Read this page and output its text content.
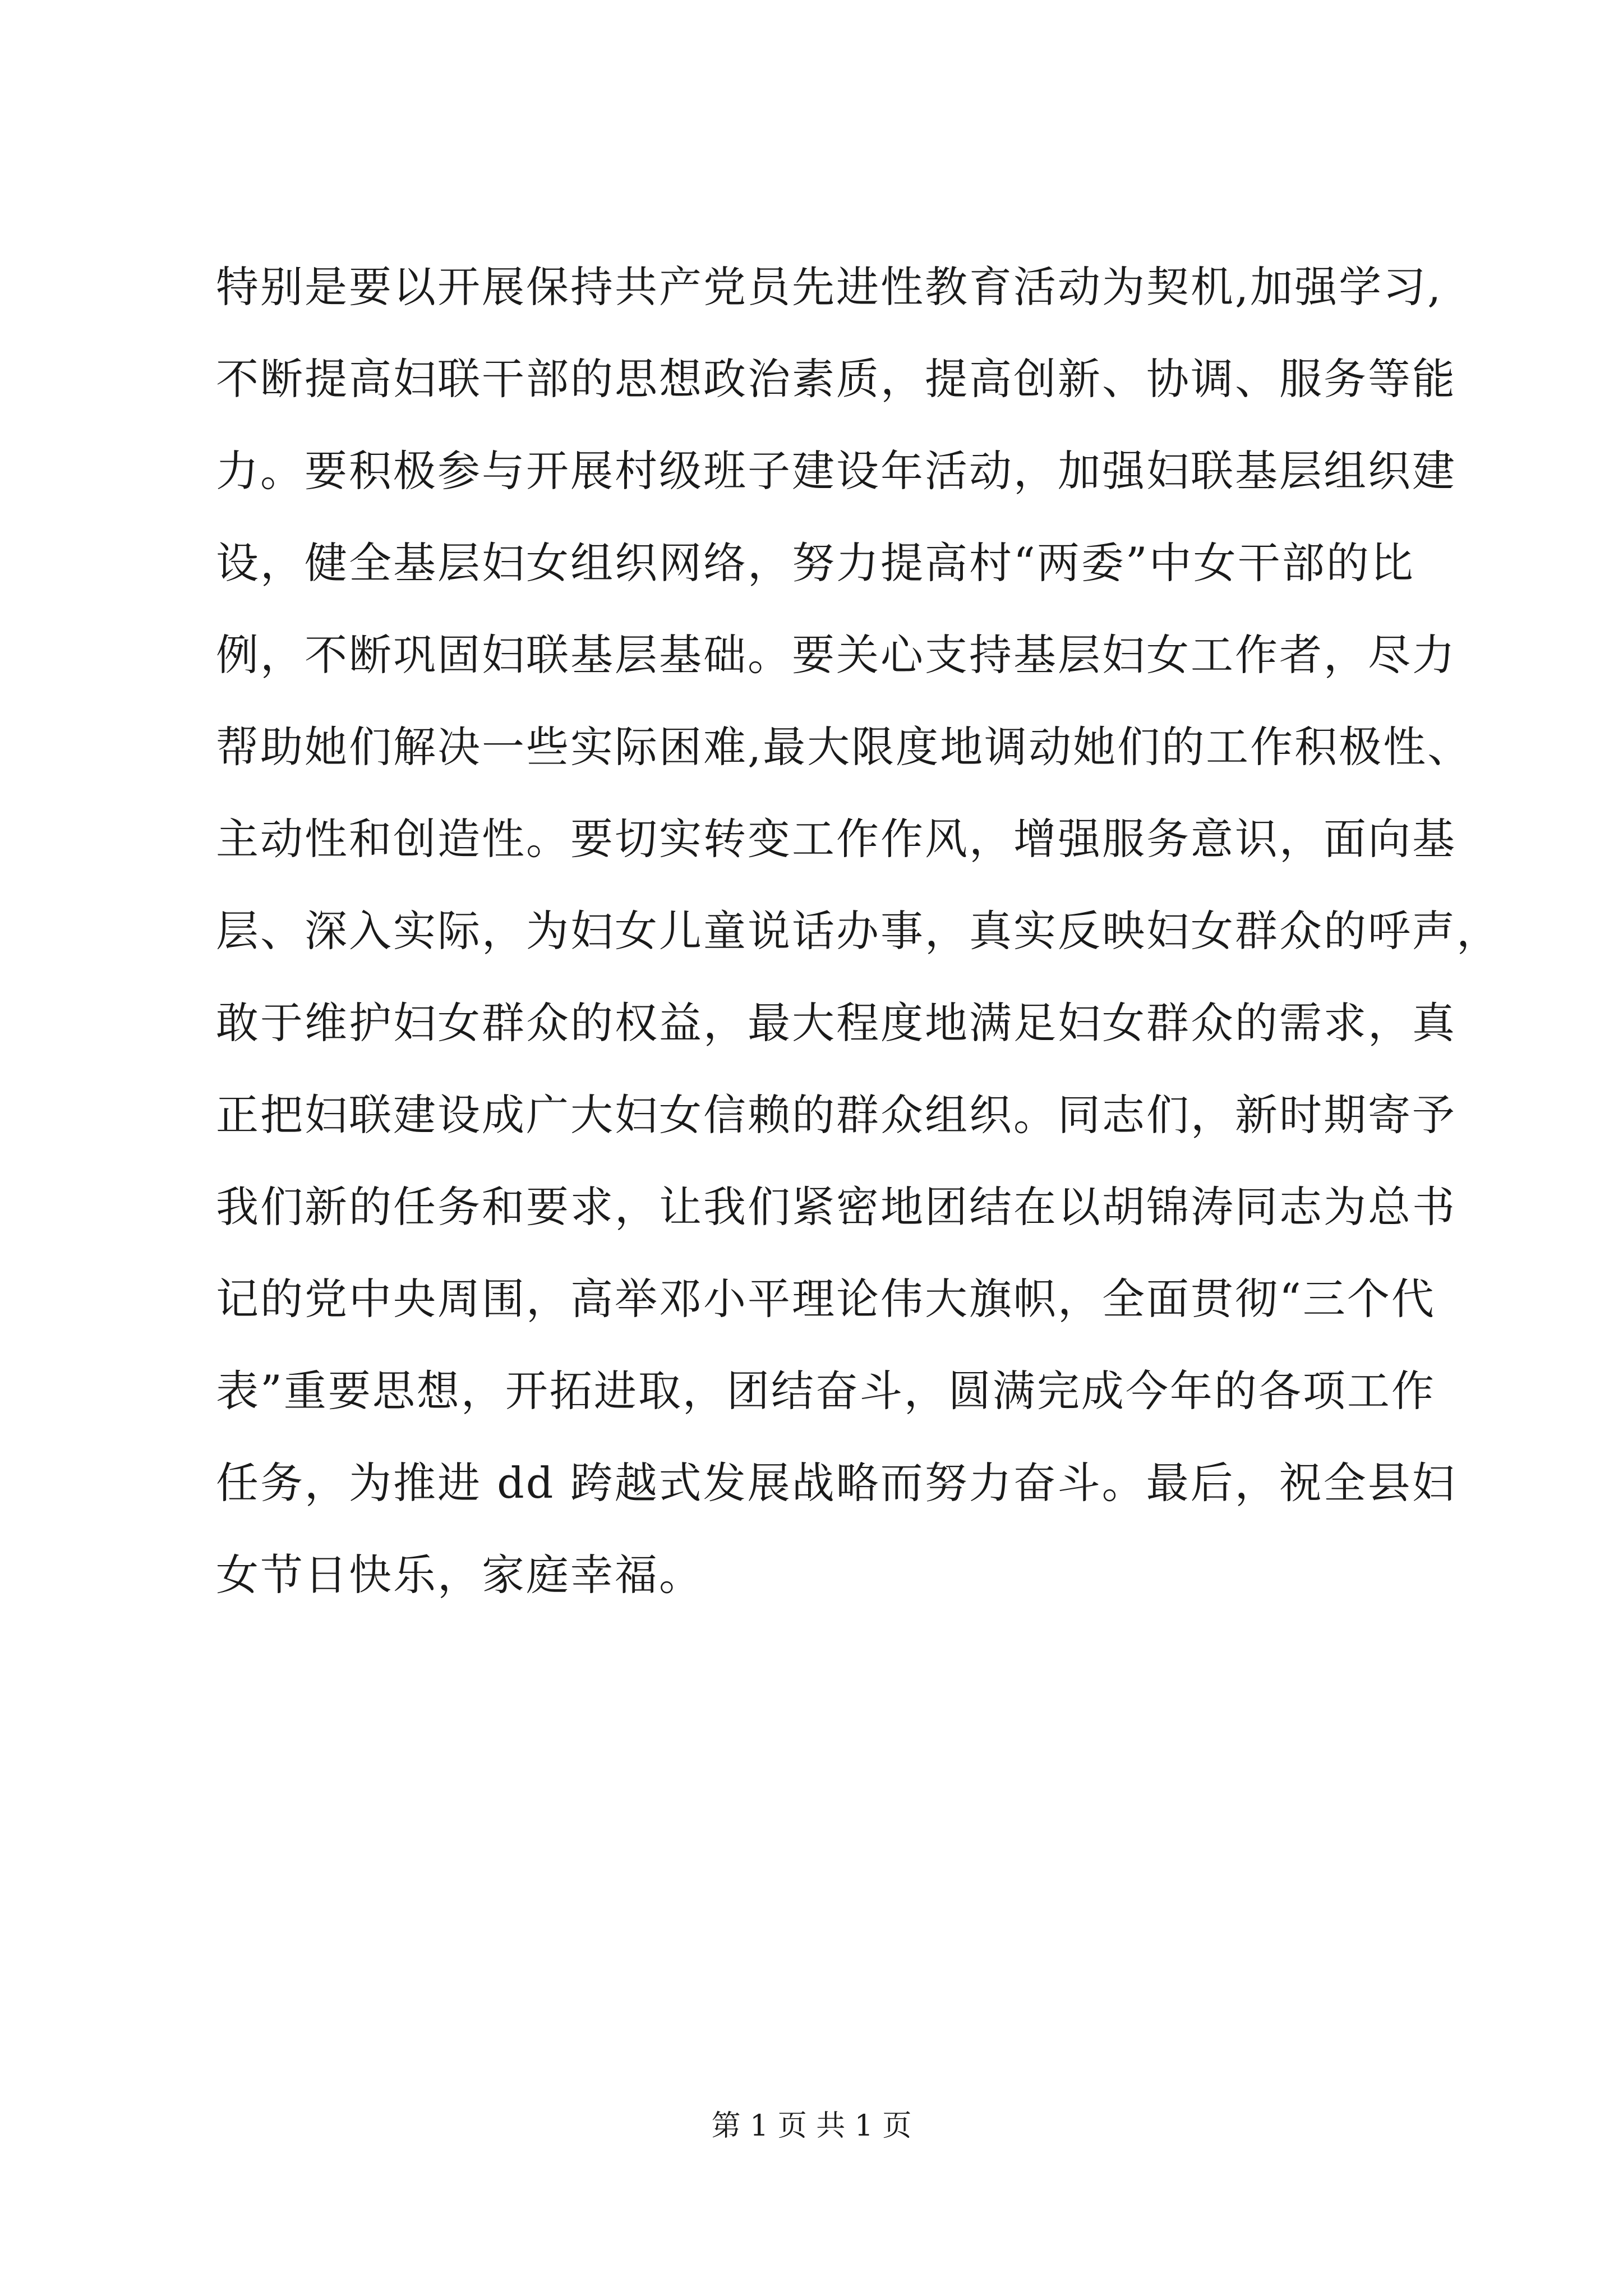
特别是要以开展保持共产党员先进性教育活动为契机,加强学习,
不断提高妇联干部的思想政治素质，提高创新、协调、服务等能
力。要积极参与开展村级班子建设年活动，加强妇联基层组织建
设，健全基层妇女组织网络，努力提高村“两委”中女干部的比
例，不断巩固妇联基层基础。要关心支持基层妇女工作者，尽力
帮助她们解决一些实际困难,最大限度地调动她们的工作积极性、
主动性和创造性。要切实转变工作作风，增强服务意识，面向基
层、深入实际，为妇女儿童说话办事，真实反映妇女群众的呼声，
敢于维护妇女群众的权益，最大程度地满足妇女群众的需求，真
正把妇联建设成广大妇女信赖的群众组织。同志们，新时期寄予
我们新的任务和要求，让我们紧密地团结在以胡锦涛同志为总书
记的党中央周围，高举邓小平理论伟大旗帜，全面贯彻“三个代
表”重要思想，开拓进取，团结奋斗，圆满完成今年的各项工作
任务，为推进 dd 跨越式发展战略而努力奋斗。最后，祝全县妇
女节日快乐，家庭幸福。
第 1 页 共 1 页
